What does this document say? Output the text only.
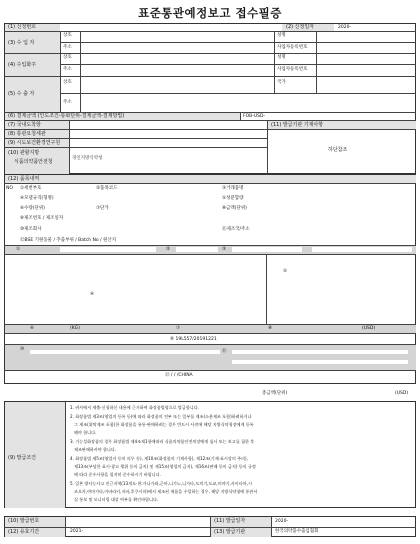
표준통관예정보고 접수필증
(1) 신청번호	(2) 신청일자	2020-
(3) 수 입 자
상호
주소
성명
사업자등록번호
(4) 수입화주
상호
주소
성명
사업자등록번호
(5) 수 출 자
상호
주소
국가
(6) 결제금액 (인도조건-통화단위-결제금액-결제방법)	FOB-USD-
(7) 국내도착항
(8) 통관요청세관
(9) 시도보건환경연구원
(10) 관할지방
식품의약품안전청
경인지방식약청
(11) 발급기관 기재사항
하단참조
(12) 품목내역
NO ①세번부호	②품목코드	③거래품명
④모델규격(형명)	⑤성분함량
⑥수량(단위)	⑦단가	⑧금액(단위)
⑨제조번호 / 제조일자
⑩제조회사	⑪제조국/주소
⑫BSE 기원동물 / 추출부위 / Batch No / 원산지
①	②	③
④
⑤
⑥	(KG)	⑦	⑧	(USD)
⑨ 19L557/20191221
⑩	⑪
⑫ / / /CHINA
총금액(단위)	(USD)
(9) 발급조건
1. 귀사에서 제출·신청하신 내용에 근거하여 화장품법령으로 발급합니다.
2. 화장품법 제3조(영업의 등록 등)에 따라 화장품의 전부 또는 일부를 제조(소분제조 포함)하려하거나
그 제조(위탁제조 포함)한 화장품을 유통·판매하려는 경우 반드시 사전에 해당 지방식약청장에게 등록
해야 합니다.
3. 기능성화장품의 경우 화장품법 제4조제1항에따라 식품의약품안전처장에게 심사 또는 보고를 필한 후
제조판매하셔야 합니다.
4. 화장품법 제5조(영업자 등의 의무 등), 제10조(화장품의 기재사항), 제12조(기재·표시상의 주의),
제13조(부당한 표시·광고 행위 등의 금지) 및 제15조(영업의 금지), 제16조(판매 등의 금지) 등의 규정
에 따라 준수사항을 철저히 준수하시기 바랍니다.
5. 일본 방사능사고 인근지역(13개도·현:가나가와,군마,니가노,니가타,도치기,도쿄,미야기,사이타마,시
즈오카,야마가타,이바라키,지바,후쿠시마)에서 제조된 제품을 수입하는 경우, 해당 지방식약청에 통관서
실 통보 및 모니터링 대상 여부를 확인바랍니다.
(10) 발급번호	(11) 발급일자	2020-
(12) 유효기간	2021-	(13) 발급기관	한국의약품수출입협회
